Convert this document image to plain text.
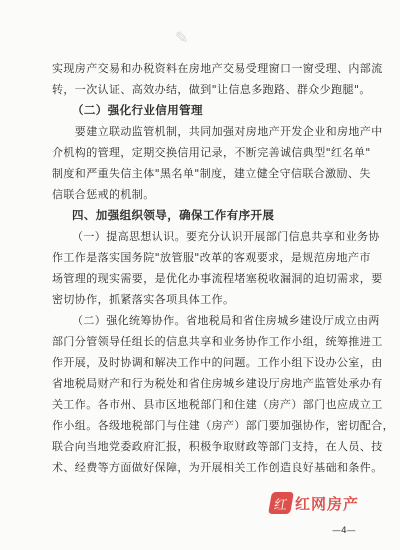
✎
实现房产交易和办税资料在房地产交易受理窗口一窗受理、内部流
转，一次认证、高效办结，做到"让信息多跑路、群众少跑腿"。
（二）强化行业信用管理
　　要建立联动监管机制，共同加强对房地产开发企业和房地产中
介机构的管理，定期交换信用记录，不断完善诚信典型"红名单"
制度和严重失信主体"黑名单"制度，建立健全守信联合激励、失
信联合惩戒的机制。
四、加强组织领导，确保工作有序开展
（一）提高思想认识。要充分认识开展部门信息共享和业务协
作工作是落实国务院"放管服"改革的客观要求，是规范房地产市
场管理的现实需要，是优化办事流程堵塞税收漏洞的迫切需求，要
密切协作，抓紧落实各项具体工作。
（二）强化统筹协作。省地税局和省住房城乡建设厅成立由两
部门分管领导任组长的信息共享和业务协作工作小组，统筹推进工
作开展，及时协调和解决工作中的问题。工作小组下设办公室，由
省地税局财产和行为税处和省住房城乡建设厅房地产监管处承办有
关工作。各市州、县市区地税部门和住建（房产）部门也应成立工
作小组。各级地税部门与住建（房产）部门要加强协作，密切配合，
联合向当地党委政府汇报，积极争取财政等部门支持，在人员、技
术、经费等方面做好保障，为开展相关工作创造良好基础和条件。
红 红网房产
—4—
